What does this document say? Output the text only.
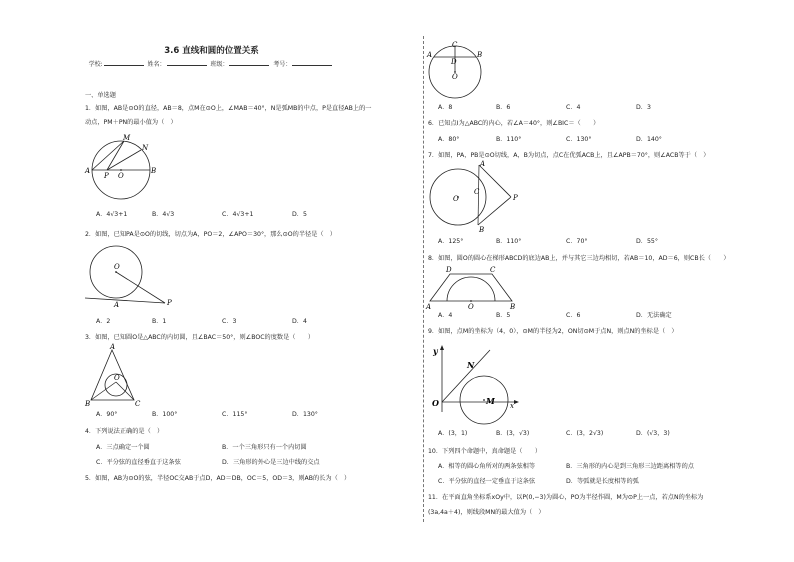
3.6 直线和圆的位置关系
学校:	姓名：	班级：	考号：
一、单选题
1．如图，AB是⊙O的直径，AB＝8，点M在⊙O上，∠MAB＝40°，N是弧MB的中点，P是直径AB上的一
动点，PM＋PN的最小值为（　）
M
N
A
P O
B
A．4√3+1	B．4√3	C．4√3+1	D．5
2．如图，已知PA是⊙O的切线，切点为A，PO＝2，∠APO＝30°，那么⊙O的半径是（　）
O
A	P
A．2	B．1	C．3	D．4
3．如图，已知圆O是△ABC的内切圆，且∠BAC＝50°，则∠BOC的度数是（　　）
A
O
B	C
A．90°	B．100°	C．115°	D．130°
4．下列说法正确的是（　）
A．三点确定一个圆	B．一个三角形只有一个内切圆
C．平分弦的直径垂直于这条弦	D．三角形的外心是三边中线的交点
5．如图，AB为⊙O的弦，半径OC交AB于点D，AD＝DB，OC＝5，OD＝3，则AB的长为（　）
A
C
B
D
O
A．8	B．6	C．4	D．3
6．已知点I为△ABC的内心，若∠A＝40°，则∠BIC＝（　　）
A．80°	B．110°	C．130°	D．140°
7．如图，PA，PB是⊙O切线，A，B为切点，点C在优弧ACB上，且∠APB＝70°，则∠ACB等于（　）
A
C
O	P
B
A．125°	B．110°	C．70°	D．55°
8．如图，圆O的圆心在梯形ABCD的底边AB上，并与其它三边均相切，若AB＝10，AD＝6，则CB长（　　）
D	C
A	O	B
A．4	B．5	C．6	D．无法确定
9．如图，点M的坐标为（4，0），⊙M的半径为2，ON切⊙M于点N，则点N的坐标是（　）
y
N
O	M x
A．(3，1)	B．(3，√3)	C．(3，2√3)	D．(√3，3)
10．下列四个命题中，真命题是（　　）
A．相等的圆心角所对的两条弦相等	B．三角形的内心是到三角形三边距离相等的点
C．平分弦的直径一定垂直于这条弦	D．等弧就是长度相等的弧
11．在平面直角坐标系xOy中，以P(0,−3)为圆心，PO为半径作圆，M为⊙P上一点，若点N的坐标为
(3a,4a＋4)，则线段MN的最大值为（　）
